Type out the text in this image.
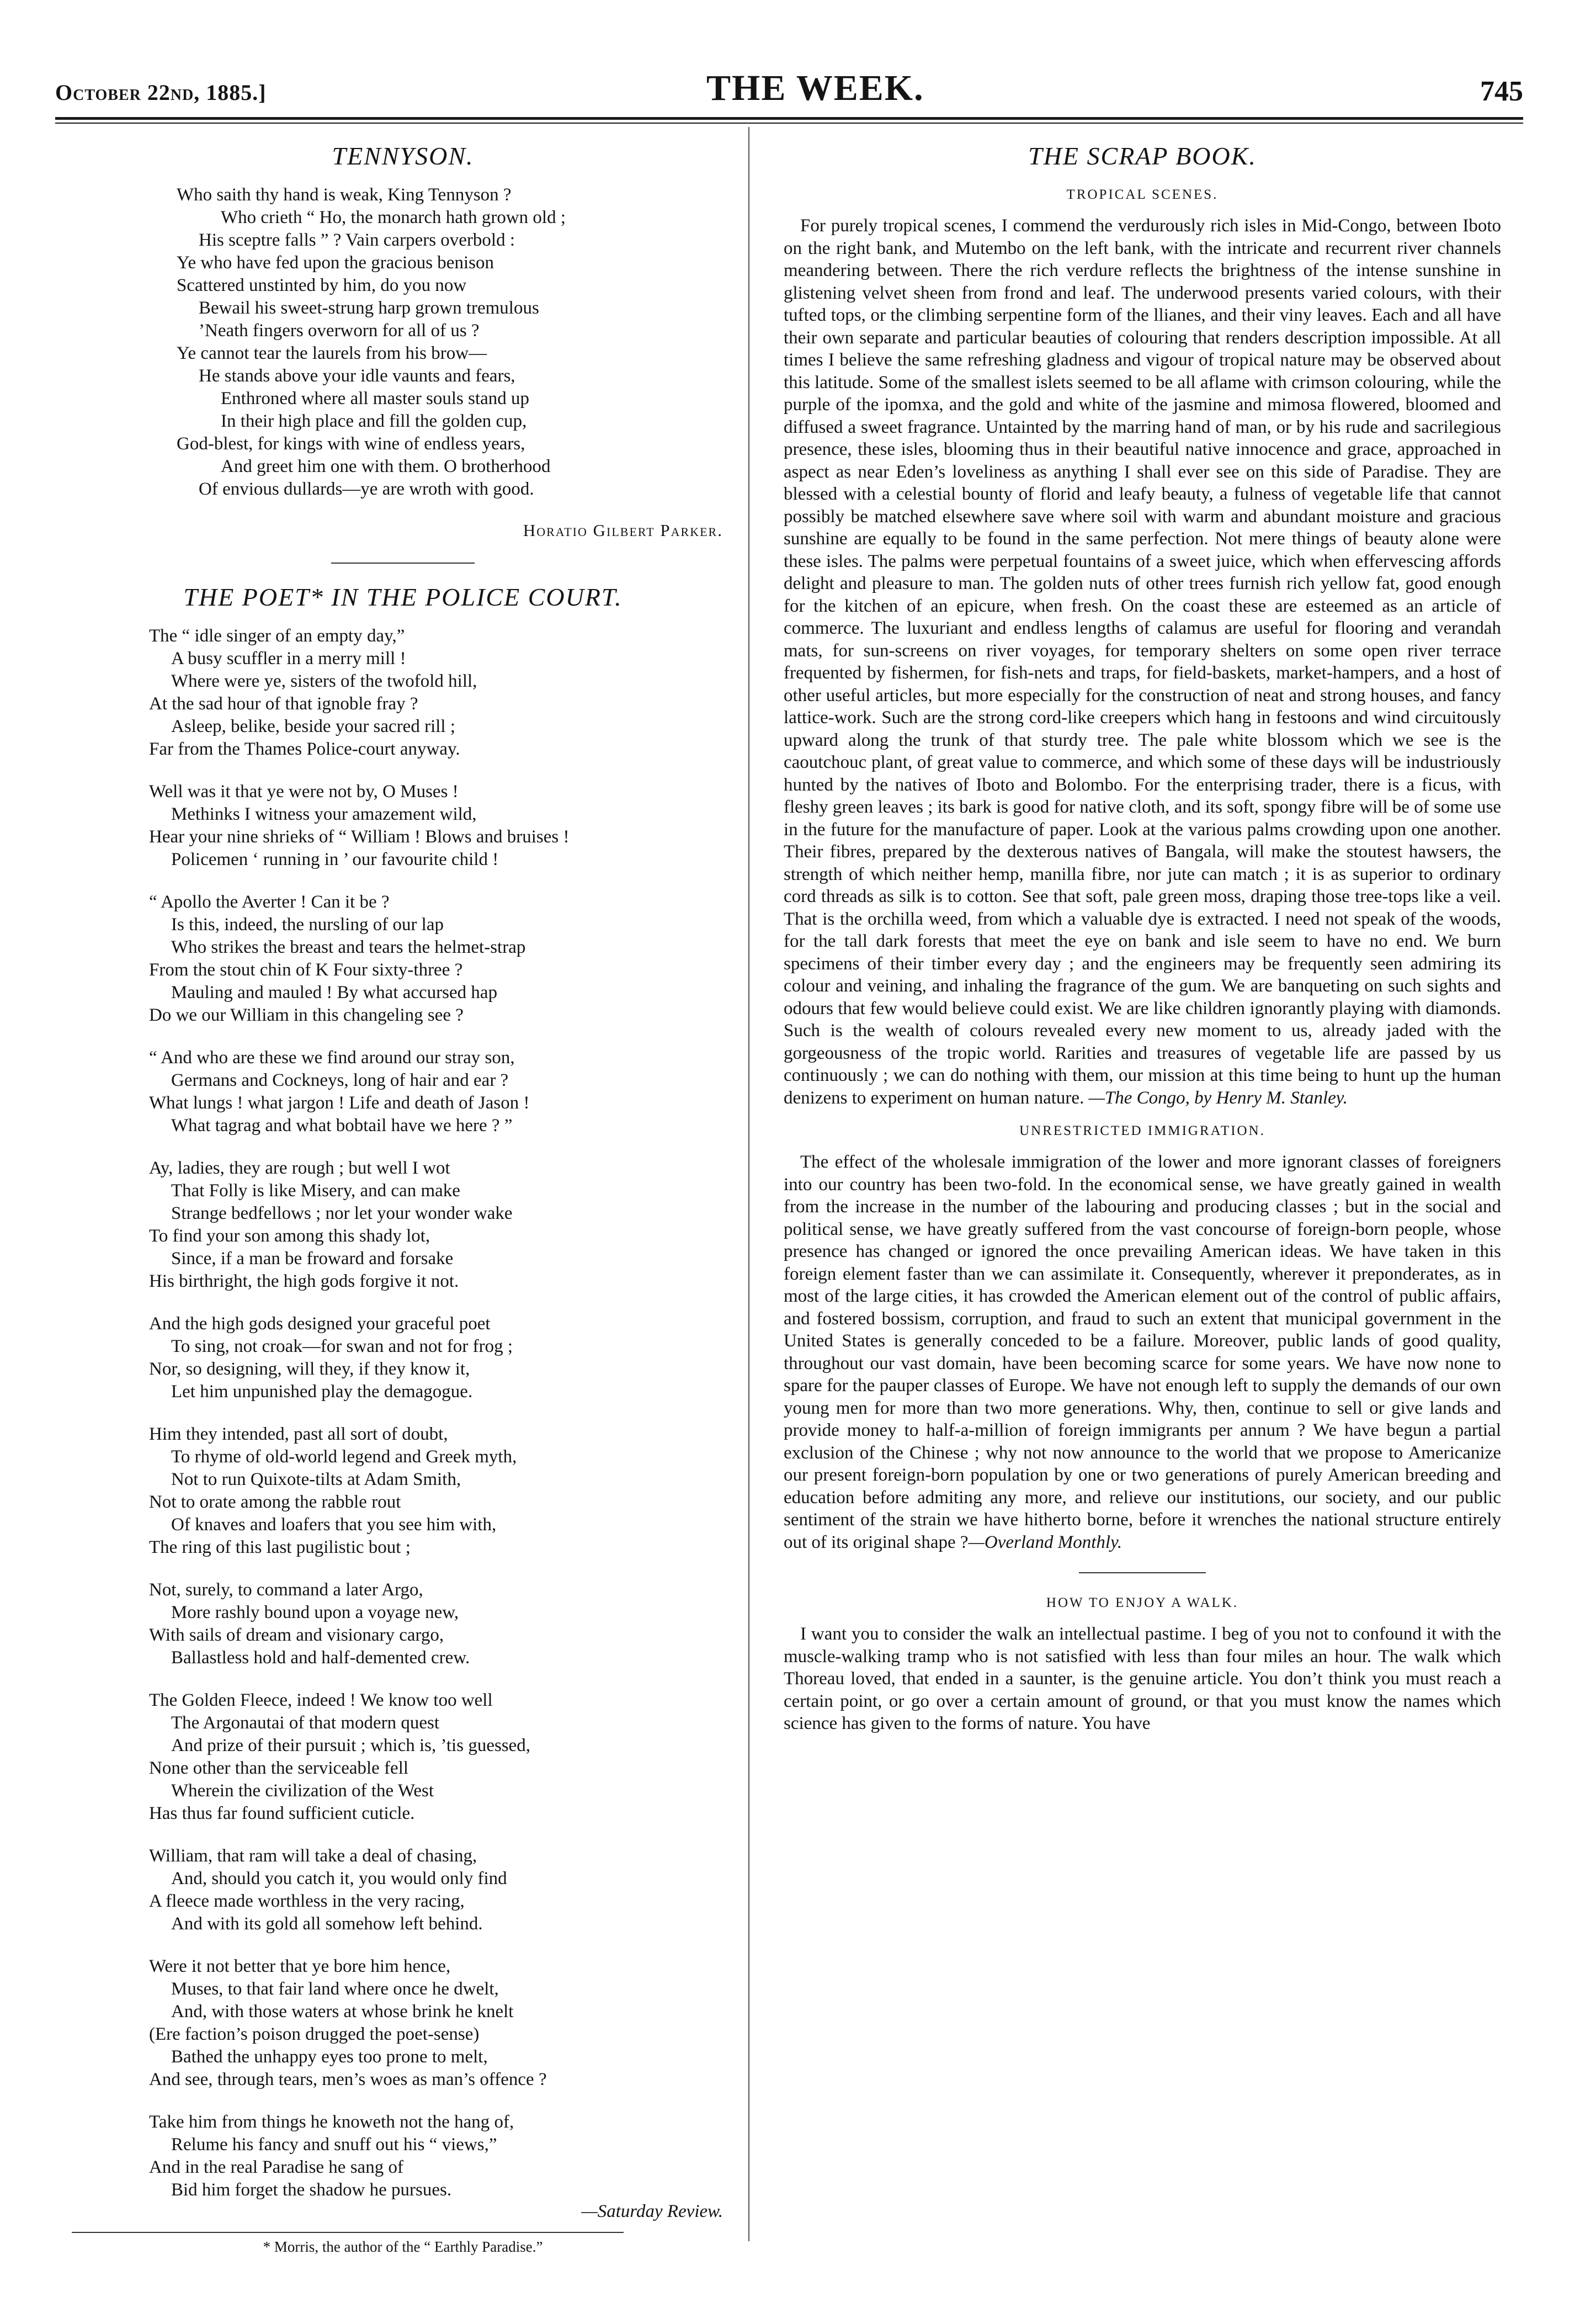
October 22nd, 1885.]	THE WEEK.	745
TENNYSON.
Who saith thy hand is weak, King Tennyson ?
Who crieth “ Ho, the monarch hath grown old ;
His sceptre falls ” ? Vain carpers overbold :
Ye who have fed upon the gracious benison
Scattered unstinted by him, do you now
Bewail his sweet-strung harp grown tremulous
’Neath fingers overworn for all of us ?
Ye cannot tear the laurels from his brow—
He stands above your idle vaunts and fears,
Enthroned where all master souls stand up
In their high place and fill the golden cup,
God-blest, for kings with wine of endless years,
And greet him one with them. O brotherhood
Of envious dullards—ye are wroth with good.
Horatio Gilbert Parker.
THE POET* IN THE POLICE COURT.
The “ idle singer of an empty day,”
A busy scuffler in a merry mill !
Where were ye, sisters of the twofold hill,
At the sad hour of that ignoble fray ?
Asleep, belike, beside your sacred rill ;
Far from the Thames Police-court anyway.
Well was it that ye were not by, O Muses !
Methinks I witness your amazement wild,
Hear your nine shrieks of “ William ! Blows and bruises !
Policemen ‘ running in ’ our favourite child !
“ Apollo the Averter ! Can it be ?
Is this, indeed, the nursling of our lap
Who strikes the breast and tears the helmet-strap
From the stout chin of K Four sixty-three ?
Mauling and mauled ! By what accursed hap
Do we our William in this changeling see ?
“ And who are these we find around our stray son,
Germans and Cockneys, long of hair and ear ?
What lungs ! what jargon ! Life and death of Jason !
What tagrag and what bobtail have we here ? ”
Ay, ladies, they are rough ; but well I wot
That Folly is like Misery, and can make
Strange bedfellows ; nor let your wonder wake
To find your son among this shady lot,
Since, if a man be froward and forsake
His birthright, the high gods forgive it not.
And the high gods designed your graceful poet
To sing, not croak—for swan and not for frog ;
Nor, so designing, will they, if they know it,
Let him unpunished play the demagogue.
Him they intended, past all sort of doubt,
To rhyme of old-world legend and Greek myth,
Not to run Quixote-tilts at Adam Smith,
Not to orate among the rabble rout
Of knaves and loafers that you see him with,
The ring of this last pugilistic bout ;
Not, surely, to command a later Argo,
More rashly bound upon a voyage new,
With sails of dream and visionary cargo,
Ballastless hold and half-demented crew.
The Golden Fleece, indeed ! We know too well
The Argonautai of that modern quest
And prize of their pursuit ; which is, ’tis guessed,
None other than the serviceable fell
Wherein the civilization of the West
Has thus far found sufficient cuticle.
William, that ram will take a deal of chasing,
And, should you catch it, you would only find
A fleece made worthless in the very racing,
And with its gold all somehow left behind.
Were it not better that ye bore him hence,
Muses, to that fair land where once he dwelt,
And, with those waters at whose brink he knelt
(Ere faction’s poison drugged the poet-sense)
Bathed the unhappy eyes too prone to melt,
And see, through tears, men’s woes as man’s offence ?
Take him from things he knoweth not the hang of,
Relume his fancy and snuff out his “ views,”
And in the real Paradise he sang of
Bid him forget the shadow he pursues.
—Saturday Review.
* Morris, the author of the “ Earthly Paradise.”
THE SCRAP BOOK.
TROPICAL SCENES.

For purely tropical scenes, I commend the verdurously rich isles in Mid-Congo, between Iboto on the right bank, and Mutembo on the left bank, with the intricate and recurrent river channels meandering between. There the rich verdure reflects the brightness of the intense sunshine in glistening velvet sheen from frond and leaf. The underwood presents varied colours, with their tufted tops, or the climbing serpentine form of the llianes, and their viny leaves. Each and all have their own separate and particular beauties of colouring that renders description impossible. At all times I believe the same refreshing gladness and vigour of tropical nature may be observed about this latitude. Some of the smallest islets seemed to be all aflame with crimson colouring, while the purple of the ipomxa, and the gold and white of the jasmine and mimosa flowered, bloomed and diffused a sweet fragrance. Untainted by the marring hand of man, or by his rude and sacrilegious presence, these isles, blooming thus in their beautiful native innocence and grace, approached in aspect as near Eden’s loveliness as anything I shall ever see on this side of Paradise. They are blessed with a celestial bounty of florid and leafy beauty, a fulness of vegetable life that cannot possibly be matched elsewhere save where soil with warm and abundant moisture and gracious sunshine are equally to be found in the same perfection. Not mere things of beauty alone were these isles. The palms were perpetual fountains of a sweet juice, which when effervescing affords delight and pleasure to man. The golden nuts of other trees furnish rich yellow fat, good enough for the kitchen of an epicure, when fresh. On the coast these are esteemed as an article of commerce. The luxuriant and endless lengths of calamus are useful for flooring and verandah mats, for sun-screens on river voyages, for temporary shelters on some open river terrace frequented by fishermen, for fish-nets and traps, for field-baskets, market-hampers, and a host of other useful articles, but more especially for the construction of neat and strong houses, and fancy lattice-work. Such are the strong cord-like creepers which hang in festoons and wind circuitously upward along the trunk of that sturdy tree. The pale white blossom which we see is the caoutchouc plant, of great value to commerce, and which some of these days will be industriously hunted by the natives of Iboto and Bolombo. For the enterprising trader, there is a ficus, with fleshy green leaves ; its bark is good for native cloth, and its soft, spongy fibre will be of some use in the future for the manufacture of paper. Look at the various palms crowding upon one another. Their fibres, prepared by the dexterous natives of Bangala, will make the stoutest hawsers, the strength of which neither hemp, manilla fibre, nor jute can match ; it is as superior to ordinary cord threads as silk is to cotton. See that soft, pale green moss, draping those tree-tops like a veil. That is the orchilla weed, from which a valuable dye is extracted. I need not speak of the woods, for the tall dark forests that meet the eye on bank and isle seem to have no end. We burn specimens of their timber every day ; and the engineers may be frequently seen admiring its colour and veining, and inhaling the fragrance of the gum. We are banqueting on such sights and odours that few would believe could exist. We are like children ignorantly playing with diamonds. Such is the wealth of colours revealed every new moment to us, already jaded with the gorgeousness of the tropic world. Rarities and treasures of vegetable life are passed by us continuously ; we can do nothing with them, our mission at this time being to hunt up the human denizens to experiment on human nature. —The Congo, by Henry M. Stanley.

UNRESTRICTED IMMIGRATION.

The effect of the wholesale immigration of the lower and more ignorant classes of foreigners into our country has been two-fold. In the economical sense, we have greatly gained in wealth from the increase in the number of the labouring and producing classes ; but in the social and political sense, we have greatly suffered from the vast concourse of foreign-born people, whose presence has changed or ignored the once prevailing American ideas. We have taken in this foreign element faster than we can assimilate it. Consequently, wherever it preponderates, as in most of the large cities, it has crowded the American element out of the control of public affairs, and fostered bossism, corruption, and fraud to such an extent that municipal government in the United States is generally conceded to be a failure. Moreover, public lands of good quality, throughout our vast domain, have been becoming scarce for some years. We have now none to spare for the pauper classes of Europe. We have not enough left to supply the demands of our own young men for more than two more generations. Why, then, continue to sell or give lands and provide money to half-a-million of foreign immigrants per annum ? We have begun a partial exclusion of the Chinese ; why not now announce to the world that we propose to Americanize our present foreign-born population by one or two generations of purely American breeding and education before admiting any more, and relieve our institutions, our society, and our public sentiment of the strain we have hitherto borne, before it wrenches the national structure entirely out of its original shape ?—Overland Monthly.

HOW TO ENJOY A WALK.

I want you to consider the walk an intellectual pastime. I beg of you not to confound it with the muscle-walking tramp who is not satisfied with less than four miles an hour. The walk which Thoreau loved, that ended in a saunter, is the genuine article. You don’t think you must reach a certain point, or go over a certain amount of ground, or that you must know the names which science has given to the forms of nature. You have
